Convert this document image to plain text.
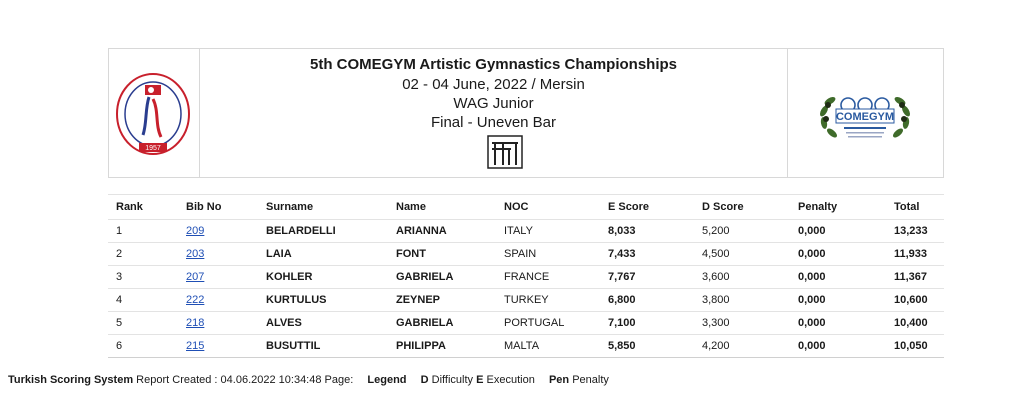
1957
5th COMEGYM Artistic Gymnastics Championships
02 - 04 June, 2022 / Mersin
WAG Junior
Final - Uneven Bar	COMEGYM
Rank	Bib No	Surname	Name	NOC	E Score	D Score	Penalty	Total
1	209	BELARDELLI	ARIANNA	ITALY	8,033	5,200	0,000	13,233
2	203	LAIA	FONT	SPAIN	7,433	4,500	0,000	11,933
3	207	KOHLER	GABRIELA	FRANCE	7,767	3,600	0,000	11,367
4	222	KURTULUS	ZEYNEP	TURKEY	6,800	3,800	0,000	10,600
5	218	ALVES	GABRIELA	PORTUGAL	7,100	3,300	0,000	10,400
6	215	BUSUTTIL	PHILIPPA	MALTA	5,850	4,200	0,000	10,050
Turkish Scoring System Report Created : 04.06.2022 10:34:48 Page: Legend D Difficulty E Execution Pen Penalty
